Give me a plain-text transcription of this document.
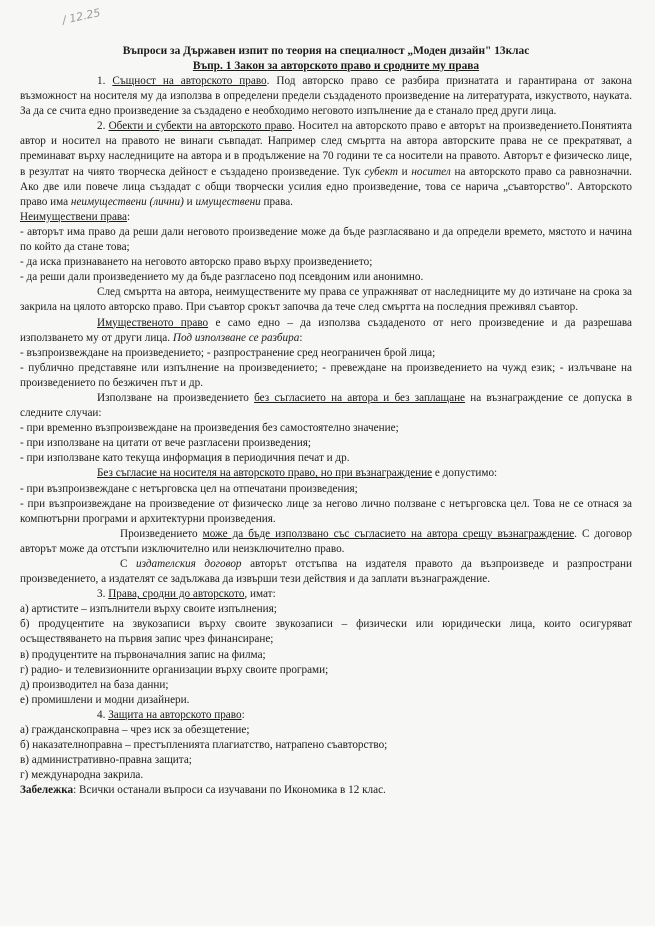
/ 12.25
Въпроси за Държавен изпит по теория на специалност „Моден дизайн" 13клас
Въпр. 1 Закон за авторското право и сродните му права

1. Същност на авторското право. Под авторско право се разбира признатата и гарантирана от закона възможност на носителя му да използва в определени предели създаденото произведение на литературата, изкуството, науката. За да се счита едно произведение за създадено е необходимо неговото изпълнение да е станало пред други лица.

2. Обекти и субекти на авторското право. Носител на авторското право е авторът на произведението.Понятията автор и носител на правото не винаги съвпадат. Например след смъртта на автора авторските права не се прекратяват, а преминават върху наследниците на автора и в продължение на 70 години те са носители на правото. Авторът е физическо лице, в резултат на чиято творческа дейност е създадено произведение. Тук субект и носител на авторското право са равнозначни. Ако две или повече лица създадат с общи творчески усилия едно произведение, това се нарича „съавторство". Авторското право има неимуществени (лични) и имуществени права.

Неимуществени права:

- авторът има право да реши дали неговото произведение може да бъде разгласявано и да определи времето, мястото и начина по който да стане това;

- да иска признаването на неговото авторско право върху произведението;

- да реши дали произведението му да бъде разгласено под псевдоним или анонимно.

След смъртта на автора, неимуществените му права се упражняват от наследниците му до изтичане на срока за закрила на цялото авторско право. При съавтор срокът започва да тече след смъртта на последния преживял съавтор.

Имущественото право е само едно – да използва създаденото от него произведение и да разрешава използването му от други лица. Под използване се разбира:

- възпроизвеждане на произведението; - разпространение сред неограничен брой лица;

- публично представяне или изпълнение на произведението; - превеждане на произведението на чужд език; - излъчване на произведението по безжичен път и др.

Използване на произведението без съгласието на автора и без заплащане на възнаграждение се допуска в следните случаи:

- при временно възпроизвеждане на произведения без самостоятелно значение;

- при използване на цитати от вече разгласени произведения;

- при използване като текуща информация в периодичния печат и др.

Без съгласие на носителя на авторското право, но при възнаграждение е допустимо:

- при възпроизвеждане с нетърговска цел на отпечатани произведения;

- при възпроизвеждане на произведение от физическо лице за негово лично ползване с нетърговска цел. Това не се отнася за компютърни програми и архитектурни произведения.

Произведението може да бъде използвано със съгласието на автора срещу възнаграждение. С договор авторът може да отстъпи изключително или неизключително право.

С издателския договор авторът отстъпва на издателя правото да възпроизведе и разпространи произведението, а издателят се задължава да извърши тези действия и да заплати възнаграждение.

3. Права, сродни до авторското, имат:

а) артистите – изпълнители върху своите изпълнения;

б) продуцентите на звукозаписи върху своите звукозаписи – физически или юридически лица, които осигуряват осъществяването на първия запис чрез финансиране;

в) продуцентите на първоначалния запис на филма;

г) радио- и телевизионните организации върху своите програми;

д) производител на база данни;

е) промишлени и модни дизайнери.

4. Защита на авторското право:

а) гражданскоправна – чрез иск за обезщетение;

б) наказателноправна – престъпленията плагиатство, натрапено съавторство;

в) административно-правна защита;

г) международна закрила.

Забележка: Всички останали въпроси са изучавани по Икономика в 12 клас.
